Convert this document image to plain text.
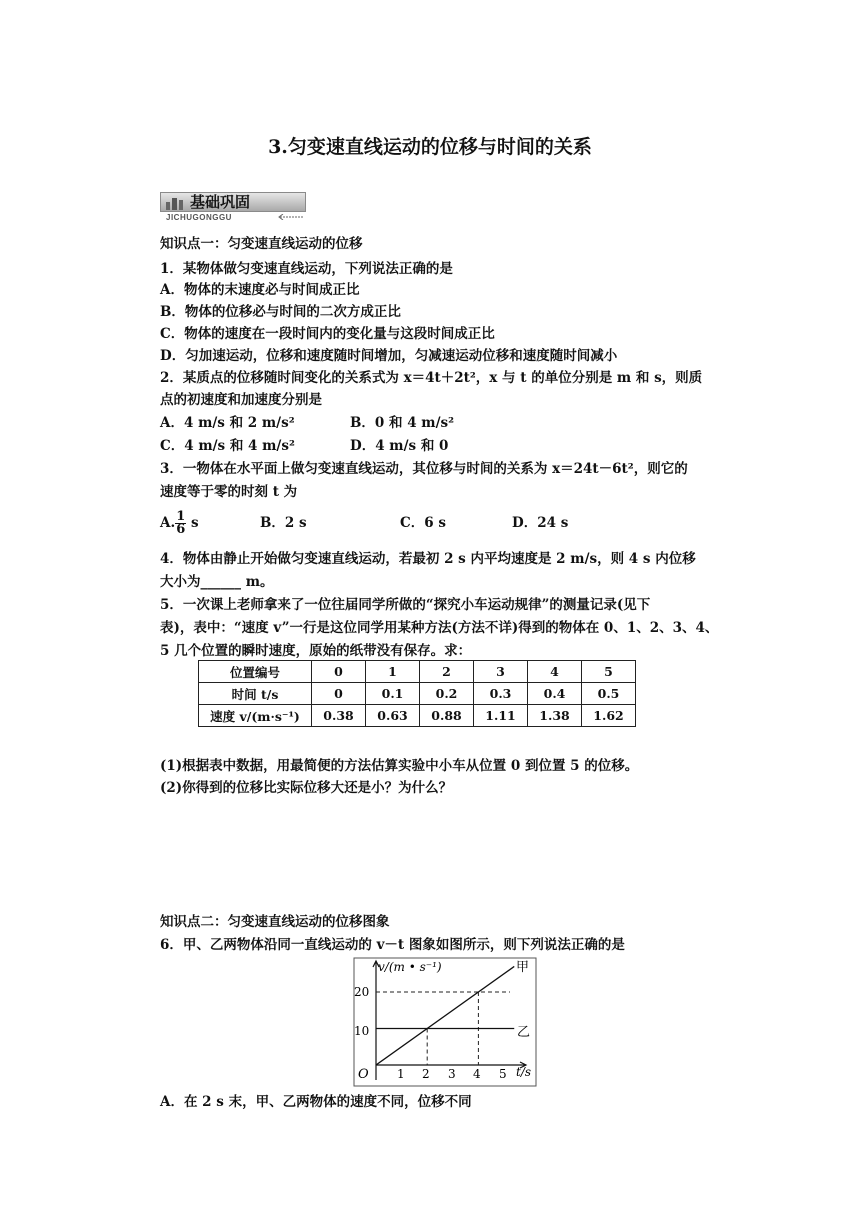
3.匀变速直线运动的位移与时间的关系
基础巩固
JICHUGONGGU
知识点一：匀变速直线运动的位移
1．某物体做匀变速直线运动，下列说法正确的是
A．物体的末速度必与时间成正比
B．物体的位移必与时间的二次方成正比
C．物体的速度在一段时间内的变化量与这段时间成正比
D．匀加速运动，位移和速度随时间增加，匀减速运动位移和速度随时间减小
2．某质点的位移随时间变化的关系式为 x＝4t＋2t²，x 与 t 的单位分别是 m 和 s，则质
点的初速度和加速度分别是
A．4 m/s 和 2 m/s²	B．0 和 4 m/s²
C．4 m/s 和 4 m/s²	D．4 m/s 和 0
3．一物体在水平面上做匀变速直线运动，其位移与时间的关系为 x＝24t－6t²，则它的
速度等于零的时刻 t 为
A. $\frac{1}{6}$ s	B．2 s	C．6 s	D．24 s
4．物体由静止开始做匀变速直线运动，若最初 2 s 内平均速度是 2 m/s，则 4 s 内位移
大小为______ m。
5．一次课上老师拿来了一位往届同学所做的“探究小车运动规律”的测量记录(见下
表)，表中：“速度 v”一行是这位同学用某种方法(方法不详)得到的物体在 0、1、2、3、4、
5 几个位置的瞬时速度，原始的纸带没有保存。求：
位置编号	0	1	2	3	4	5
时间 t/s	0	0.1	0.2	0.3	0.4	0.5
速度 v/(m·s⁻¹)	0.38	0.63	0.88	1.11	1.38	1.62
(1)根据表中数据，用最简便的方法估算实验中小车从位置 0 到位置 5 的位移。
(2)你得到的位移比实际位移大还是小？为什么？
知识点二：匀变速直线运动的位移图象
6．甲、乙两物体沿同一直线运动的 v－t 图象如图所示，则下列说法正确的是
v/(m • s⁻¹)
t/s
O
20
10
1 2 3 4 5
甲
乙
A．在 2 s 末，甲、乙两物体的速度不同，位移不同
